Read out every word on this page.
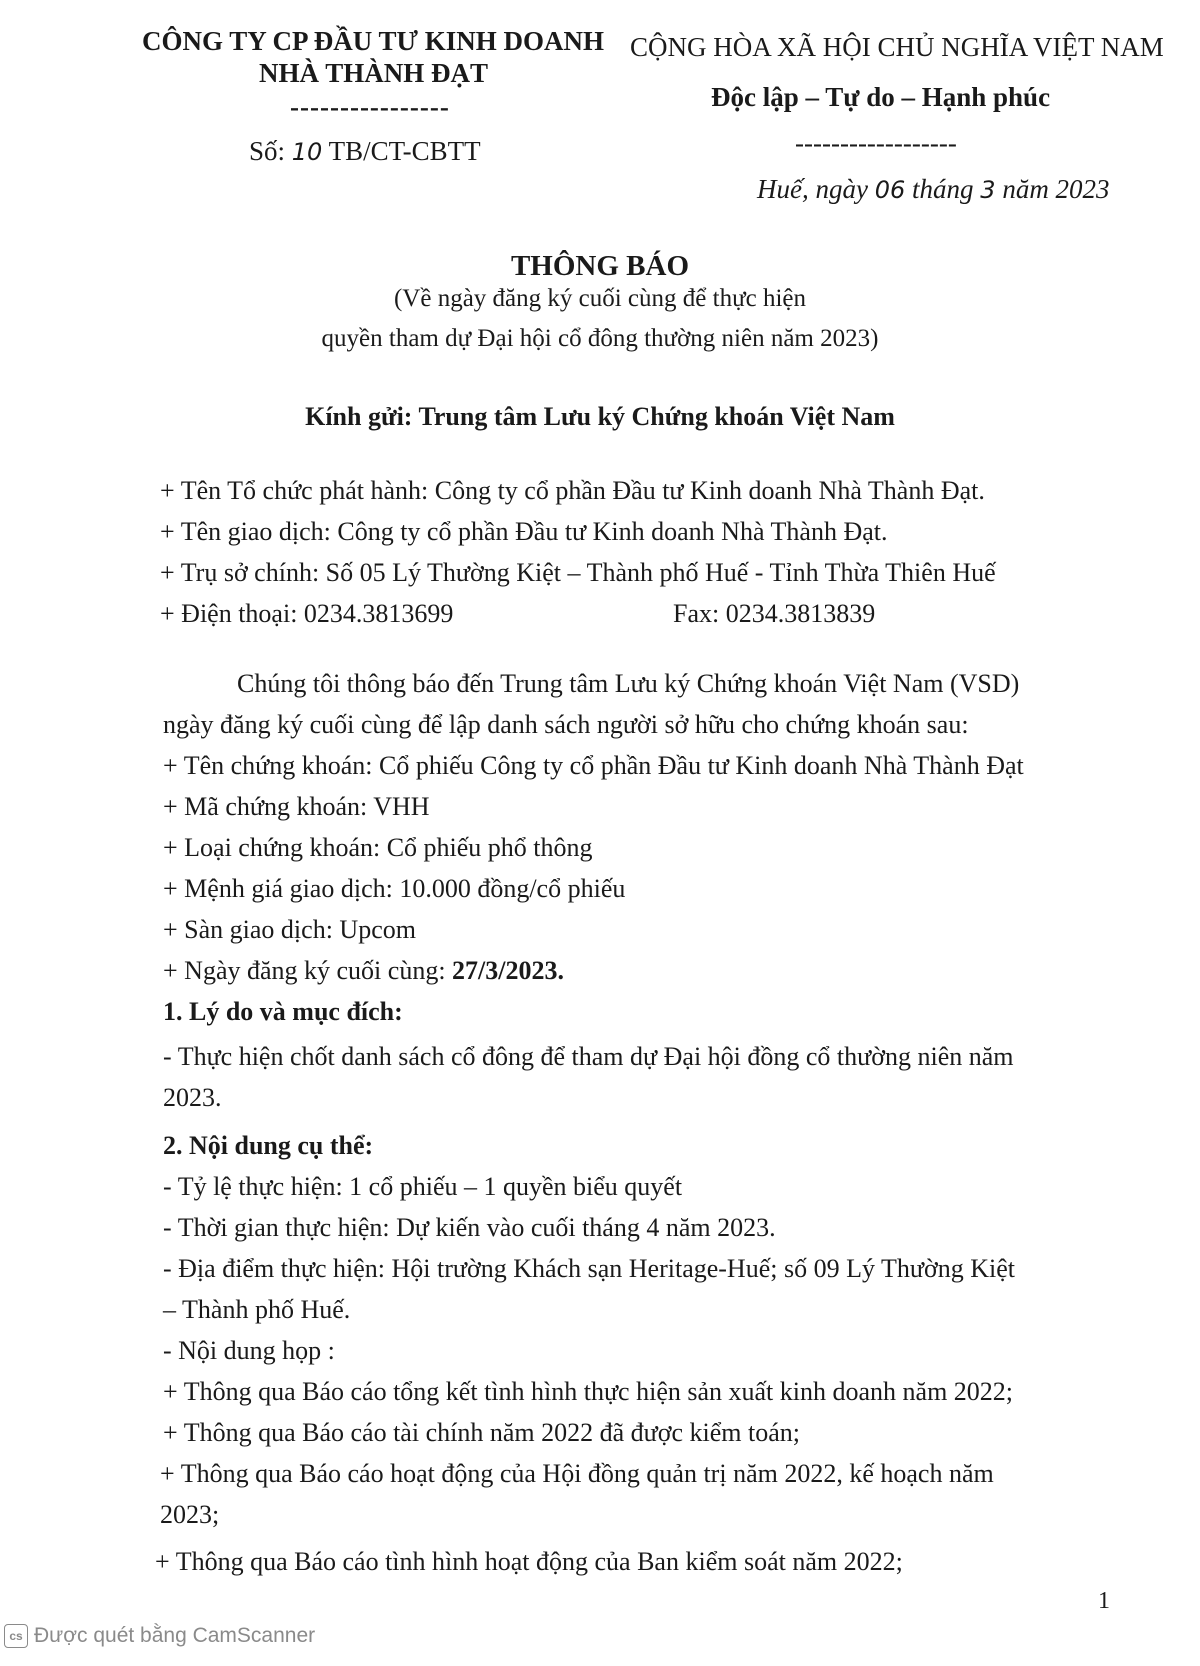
CÔNG TY CP ĐẦU TƯ KINH DOANH
NHÀ THÀNH ĐẠT
----------------
Số: 10 TB/CT-CBTT
CỘNG HÒA XÃ HỘI CHỦ NGHĨA VIỆT NAM
Độc lập – Tự do – Hạnh phúc
------------------
Huế, ngày 06 tháng 3 năm 2023
THÔNG BÁO
(Về ngày đăng ký cuối cùng để thực hiện
quyền tham dự Đại hội cổ đông thường niên năm 2023)
Kính gửi: Trung tâm Lưu ký Chứng khoán Việt Nam
+ Tên Tổ chức phát hành: Công ty cổ phần Đầu tư Kinh doanh Nhà Thành Đạt.
+ Tên giao dịch: Công ty cổ phần Đầu tư Kinh doanh Nhà Thành Đạt.
+ Trụ sở chính: Số 05 Lý Thường Kiệt – Thành phố Huế - Tỉnh Thừa Thiên Huế
+ Điện thoại: 0234.3813699	Fax: 0234.3813839
Chúng tôi thông báo đến Trung tâm Lưu ký Chứng khoán Việt Nam (VSD)
ngày đăng ký cuối cùng để lập danh sách người sở hữu cho chứng khoán sau:
+ Tên chứng khoán: Cổ phiếu Công ty cổ phần Đầu tư Kinh doanh Nhà Thành Đạt
+ Mã chứng khoán: VHH
+ Loại chứng khoán: Cổ phiếu phổ thông
+ Mệnh giá giao dịch: 10.000 đồng/cổ phiếu
+ Sàn giao dịch: Upcom
+ Ngày đăng ký cuối cùng: 27/3/2023.
1. Lý do và mục đích:
- Thực hiện chốt danh sách cổ đông để tham dự Đại hội đồng cổ thường niên năm
2023.
2. Nội dung cụ thể:
- Tỷ lệ thực hiện: 1 cổ phiếu – 1 quyền biểu quyết
- Thời gian thực hiện: Dự kiến vào cuối tháng 4 năm 2023.
- Địa điểm thực hiện: Hội trường Khách sạn Heritage-Huế; số 09 Lý Thường Kiệt
– Thành phố Huế.
- Nội dung họp :
+ Thông qua Báo cáo tổng kết tình hình thực hiện sản xuất kinh doanh năm 2022;
+ Thông qua Báo cáo tài chính năm 2022 đã được kiểm toán;
+ Thông qua Báo cáo hoạt động của Hội đồng quản trị năm 2022, kế hoạch năm
2023;
+ Thông qua Báo cáo tình hình hoạt động của Ban kiểm soát năm 2022;
1
cs Được quét bằng CamScanner
